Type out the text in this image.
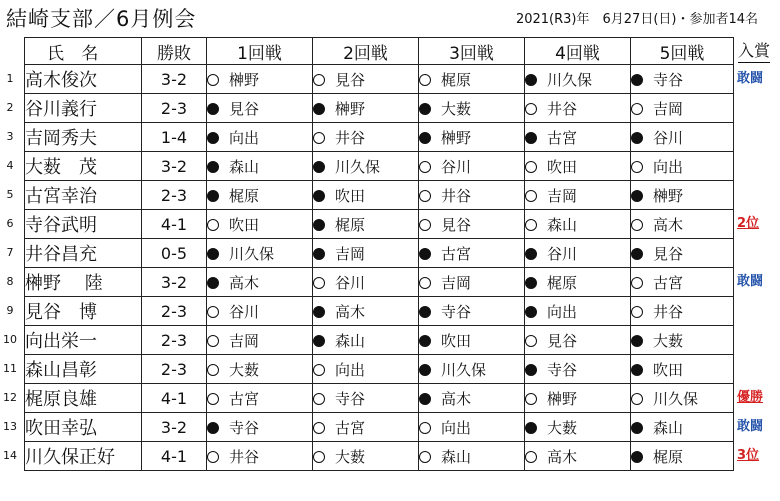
結崎支部／6月例会	2021(R3)年　6月27日(日)・参加者14名
氏 名	勝敗	1回戦	2回戦	3回戦	4回戦	5回戦
高木俊次	3-2	榊野	見谷	梶原	川久保	寺谷
谷川義行	2-3	見谷	榊野	大薮	井谷	吉岡
吉岡秀夫	1-4	向出	井谷	榊野	古宮	谷川
大薮　茂	3-2	森山	川久保	谷川	吹田	向出
古宮幸治	2-3	梶原	吹田	井谷	吉岡	榊野
寺谷武明	4-1	吹田	梶原	見谷	森山	高木
井谷昌充	0-5	川久保	吉岡	古宮	谷川	見谷
榊野　 陸	3-2	高木	谷川	吉岡	梶原	古宮
見谷　博	2-3	谷川	高木	寺谷	向出	井谷
向出栄一	2-3	吉岡	森山	吹田	見谷	大薮
森山昌彰	2-3	大薮	向出	川久保	寺谷	吹田
梶原良雄	4-1	古宮	寺谷	高木	榊野	川久保
吹田幸弘	3-2	寺谷	古宮	向出	大薮	森山
川久保正好	4-1	井谷	大薮	森山	高木	梶原
入賞
1	敢闘
2
3
4
5
6	2位
7
8	敢闘
9
10
11
12	優勝
13	敢闘
14	3位
